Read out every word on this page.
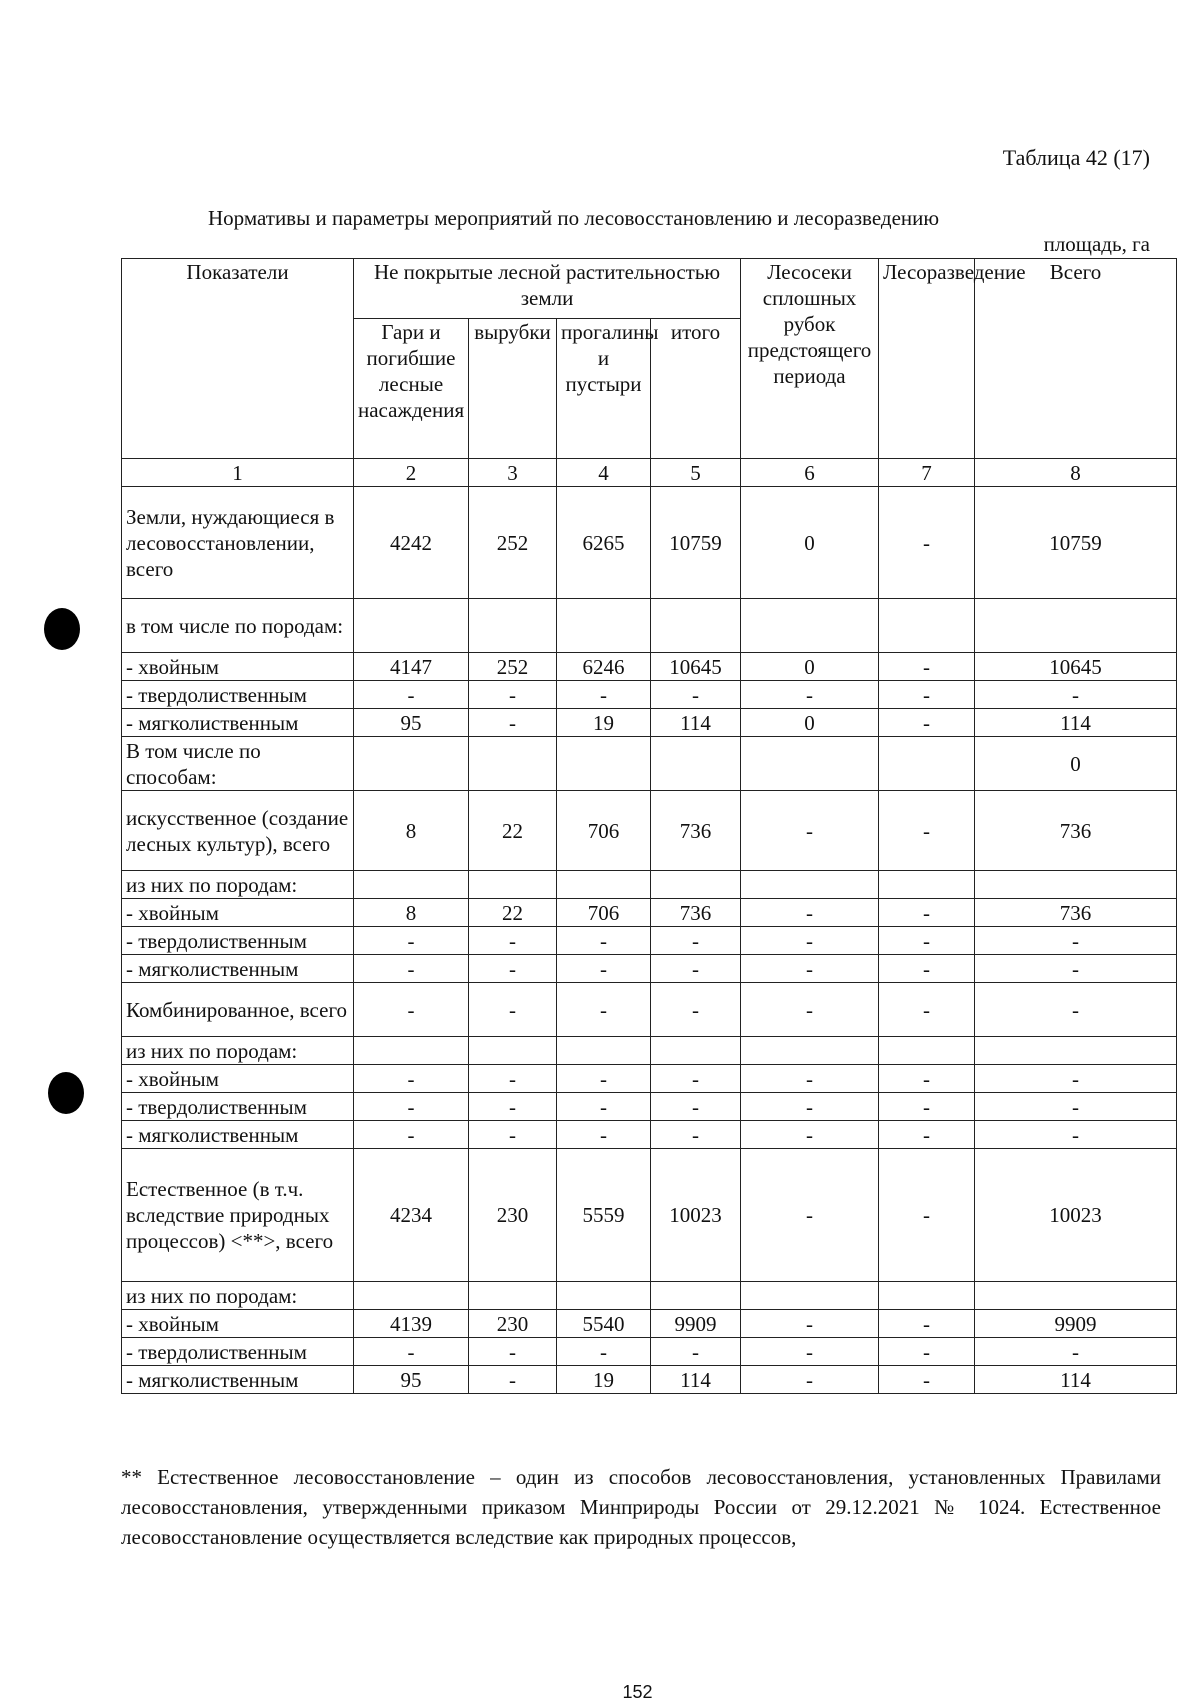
Таблица 42 (17)
Нормативы и параметры мероприятий по лесовосстановлению и лесоразведению
площадь, га
Показатели	Не покрытые лесной растительностью земли				Лесосеки сплошных рубок предстоящего периода	Лесоразведение	Всего
	Гари и погибшие лесные насаждения	вырубки	прогалины и пустыри	итого			
1	2	3	4	5	6	7	8
Земли, нуждающиеся в лесовосстановлении, всего	4242	252	6265	10759	0	-	10759
в том числе по породам:							
- хвойным	4147	252	6246	10645	0	-	10645
- твердолиственным	-	-	-	-	-	-	-
- мягколиственным	95	-	19	114	0	-	114
В том числе по способам:							0
искусственное (создание лесных культур), всего	8	22	706	736	-	-	736
из них по породам:							
- хвойным	8	22	706	736	-	-	736
- твердолиственным	-	-	-	-	-	-	-
- мягколиственным	-	-	-	-	-	-	-
Комбинированное, всего	-	-	-	-	-	-	-
из них по породам:							
- хвойным	-	-	-	-	-	-	-
- твердолиственным	-	-	-	-	-	-	-
- мягколиственным	-	-	-	-	-	-	-
Естественное (в т.ч. вследствие природных процессов) <**>, всего	4234	230	5559	10023	-	-	10023
из них по породам:							
- хвойным	4139	230	5540	9909	-	-	9909
- твердолиственным	-	-	-	-	-	-	-
- мягколиственным	95	-	19	114	-	-	114
** Естественное лесовосстановление – один из способов лесовосстановления, установленных Правилами лесовосстановления, утвержденными приказом Минприроды России от 29.12.2021 № 1024. Естественное лесовосстановление осуществляется вследствие как природных процессов,
152
